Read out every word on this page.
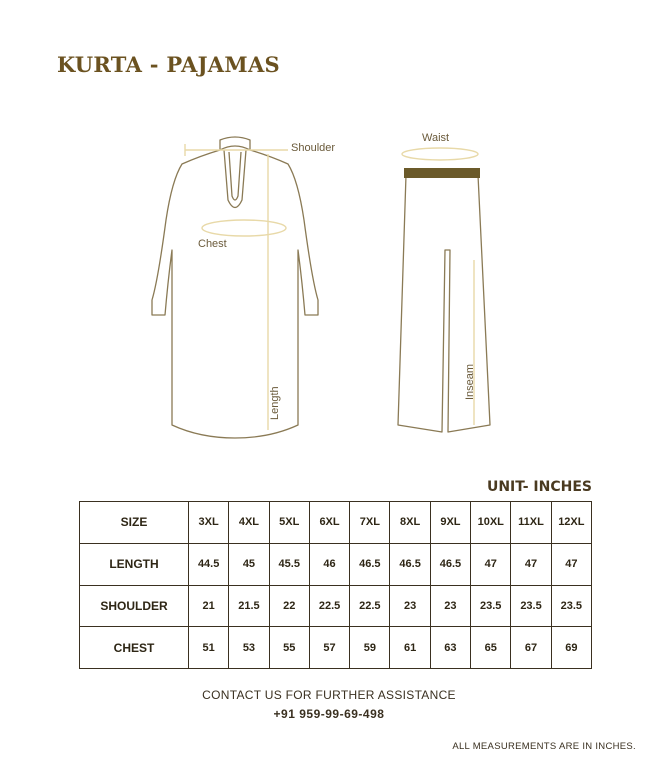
KURTA - PAJAMAS
Shoulder
Chest
Length
Waist
Inseam
UNIT- INCHES
SIZE	3XL	4XL	5XL	6XL	7XL	8XL	9XL	10XL	11XL	12XL
LENGTH	44.5	45	45.5	46	46.5	46.5	46.5	47	47	47
SHOULDER	21	21.5	22	22.5	22.5	23	23	23.5	23.5	23.5
CHEST	51	53	55	57	59	61	63	65	67	69
CONTACT US FOR FURTHER ASSISTANCE
+91 959-99-69-498
ALL MEASUREMENTS ARE IN INCHES.
